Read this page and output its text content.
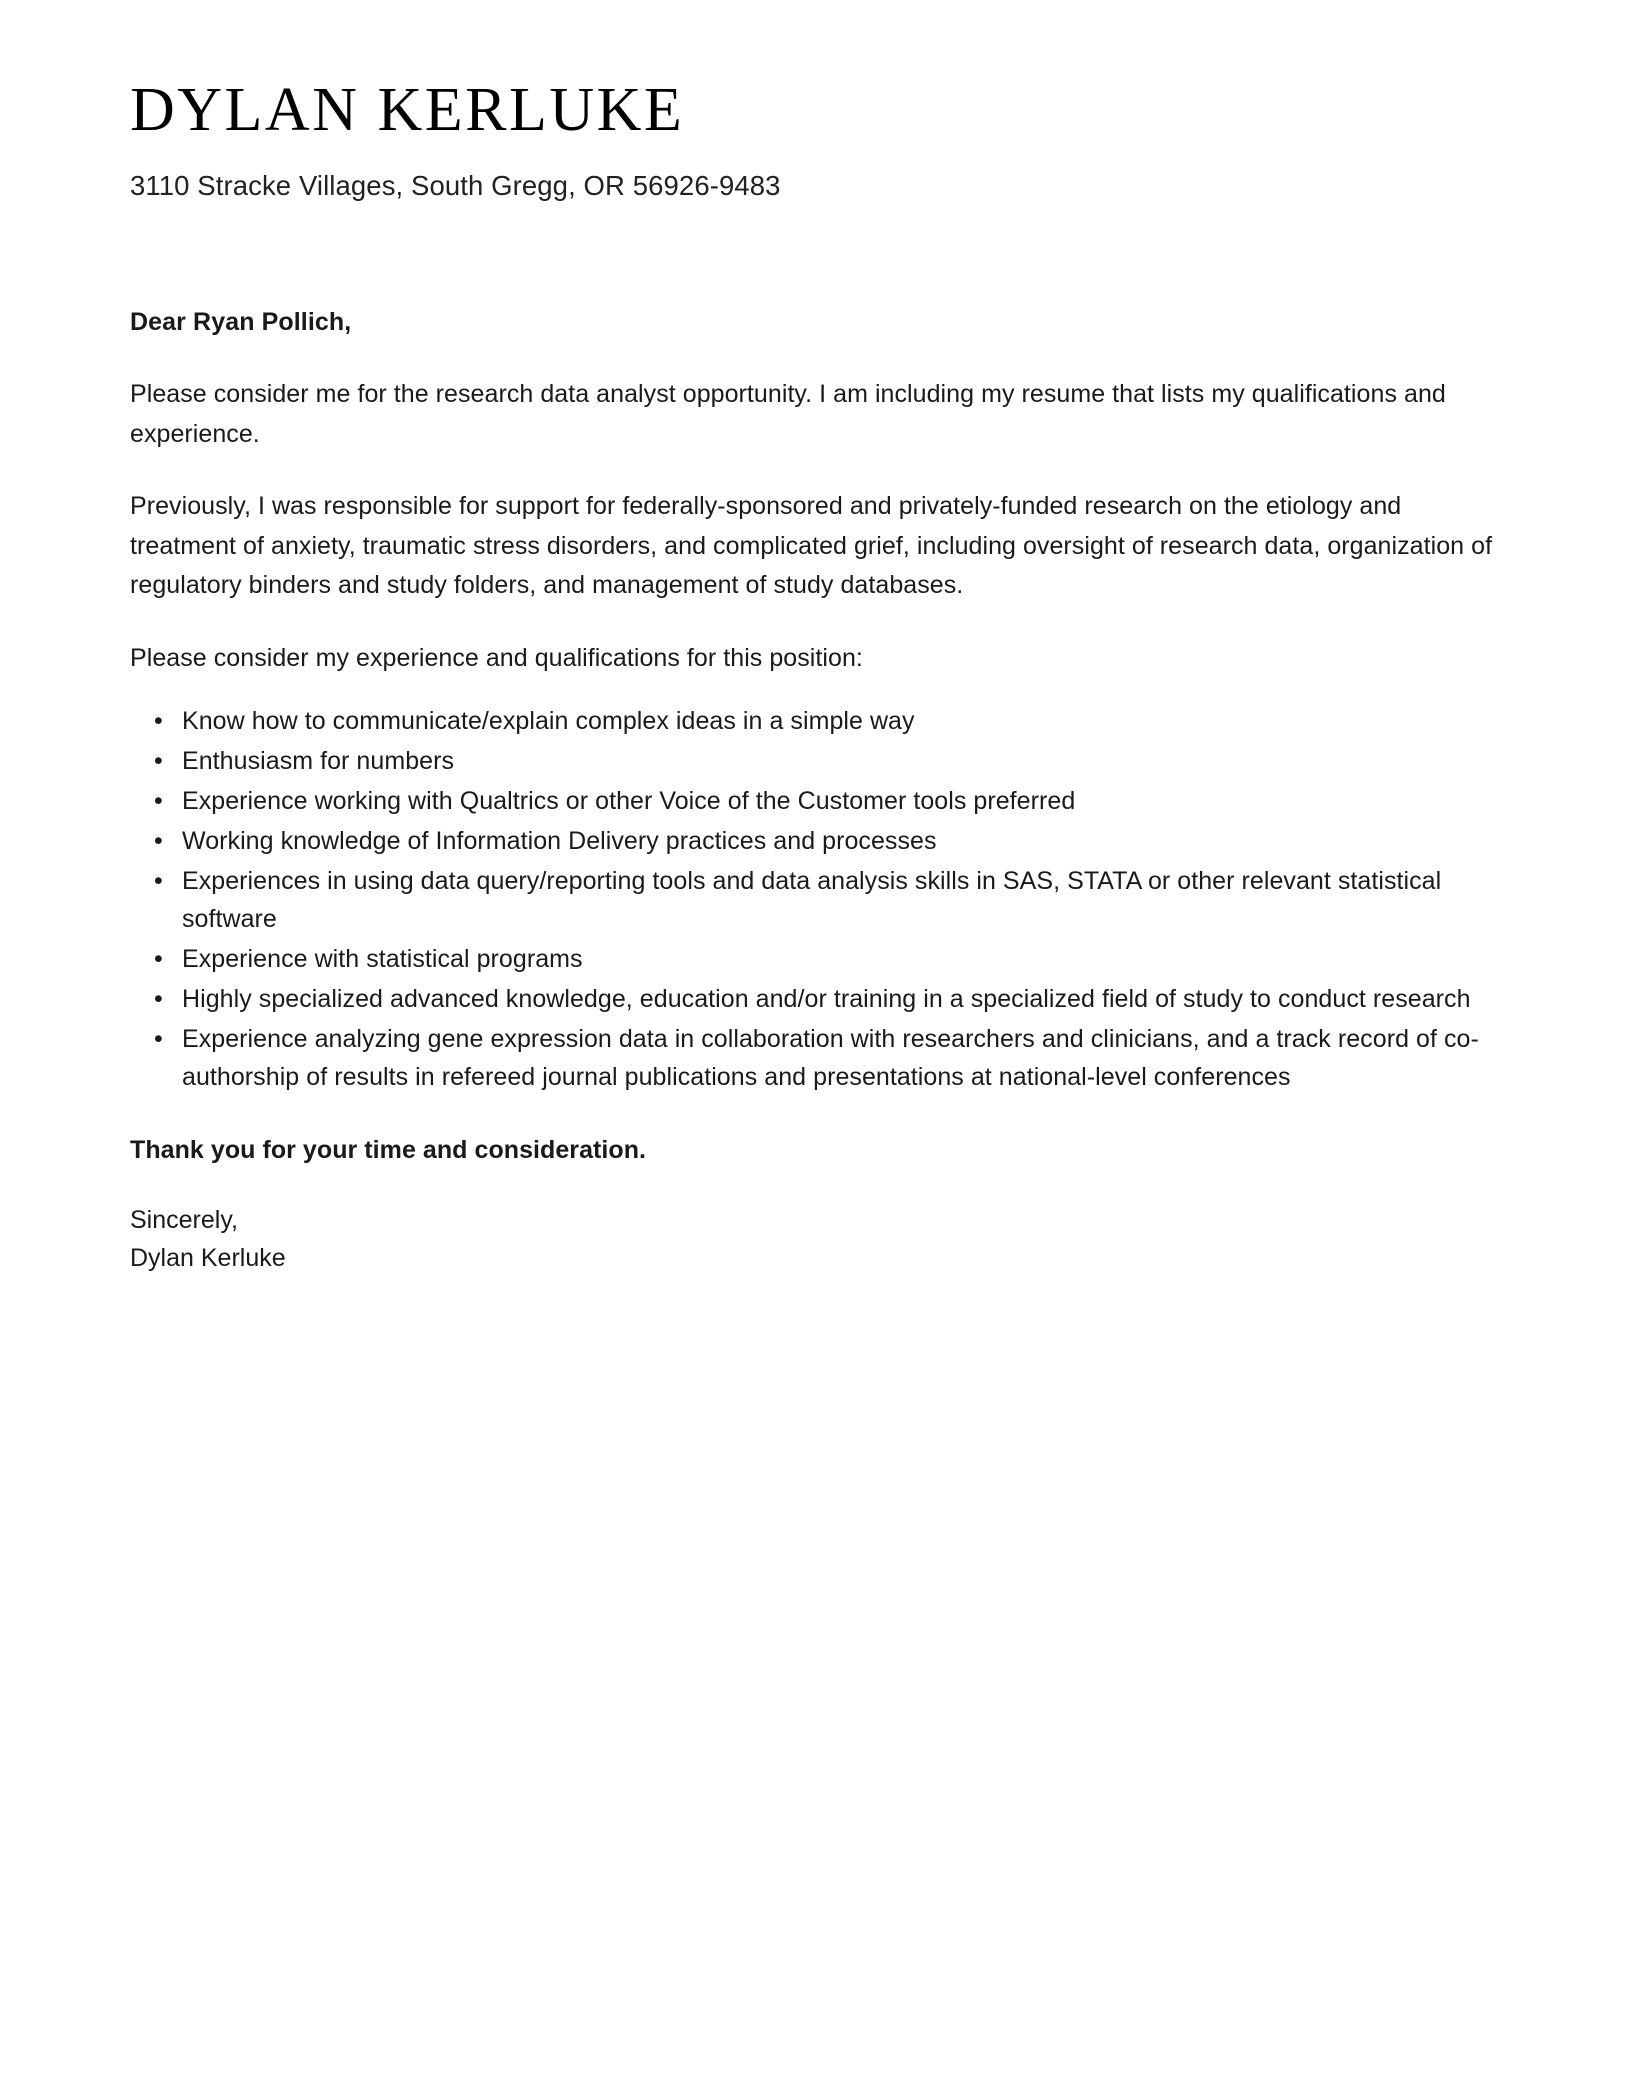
DYLAN KERLUKE
3110 Stracke Villages, South Gregg, OR 56926-9483
Dear Ryan Pollich,

Please consider me for the research data analyst opportunity. I am including my resume that lists my qualifications and experience.

Previously, I was responsible for support for federally-sponsored and privately-funded research on the etiology and treatment of anxiety, traumatic stress disorders, and complicated grief, including oversight of research data, organization of regulatory binders and study folders, and management of study databases.

Please consider my experience and qualifications for this position:

• Know how to communicate/explain complex ideas in a simple way
• Enthusiasm for numbers
• Experience working with Qualtrics or other Voice of the Customer tools preferred
• Working knowledge of Information Delivery practices and processes
• Experiences in using data query/reporting tools and data analysis skills in SAS, STATA or other relevant statistical software
• Experience with statistical programs
• Highly specialized advanced knowledge, education and/or training in a specialized field of study to conduct research
• Experience analyzing gene expression data in collaboration with researchers and clinicians, and a track record of co-authorship of results in refereed journal publications and presentations at national-level conferences
Thank you for your time and consideration.
Sincerely,
Dylan Kerluke
